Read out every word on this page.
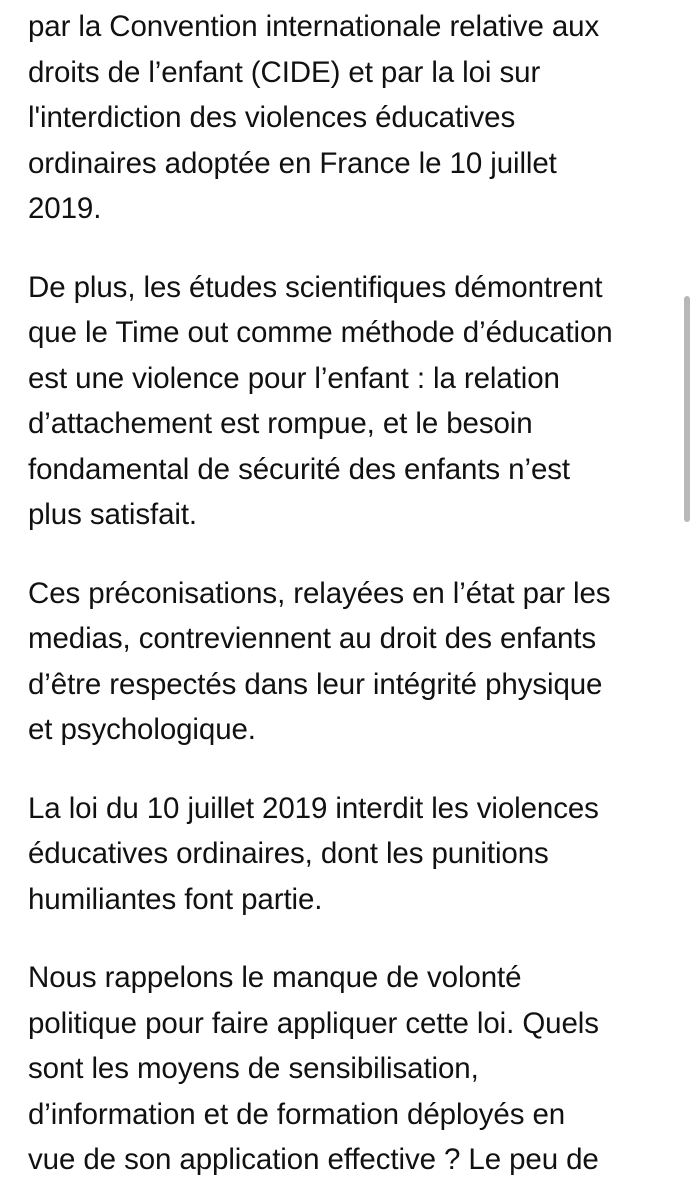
par la Convention internationale relative aux
droits de l’enfant (CIDE) et par la loi sur
l'interdiction des violences éducatives
ordinaires adoptée en France le 10 juillet
2019.

De plus, les études scientifiques démontrent
que le Time out comme méthode d’éducation
est une violence pour l’enfant : la relation
d’attachement est rompue, et le besoin
fondamental de sécurité des enfants n’est
plus satisfait.

Ces préconisations, relayées en l’état par les
medias, contreviennent au droit des enfants
d’être respectés dans leur intégrité physique
et psychologique.

La loi du 10 juillet 2019 interdit les violences
éducatives ordinaires, dont les punitions
humiliantes font partie.

Nous rappelons le manque de volonté
politique pour faire appliquer cette loi. Quels
sont les moyens de sensibilisation,
d’information et de formation déployés en
vue de son application effective ? Le peu de
